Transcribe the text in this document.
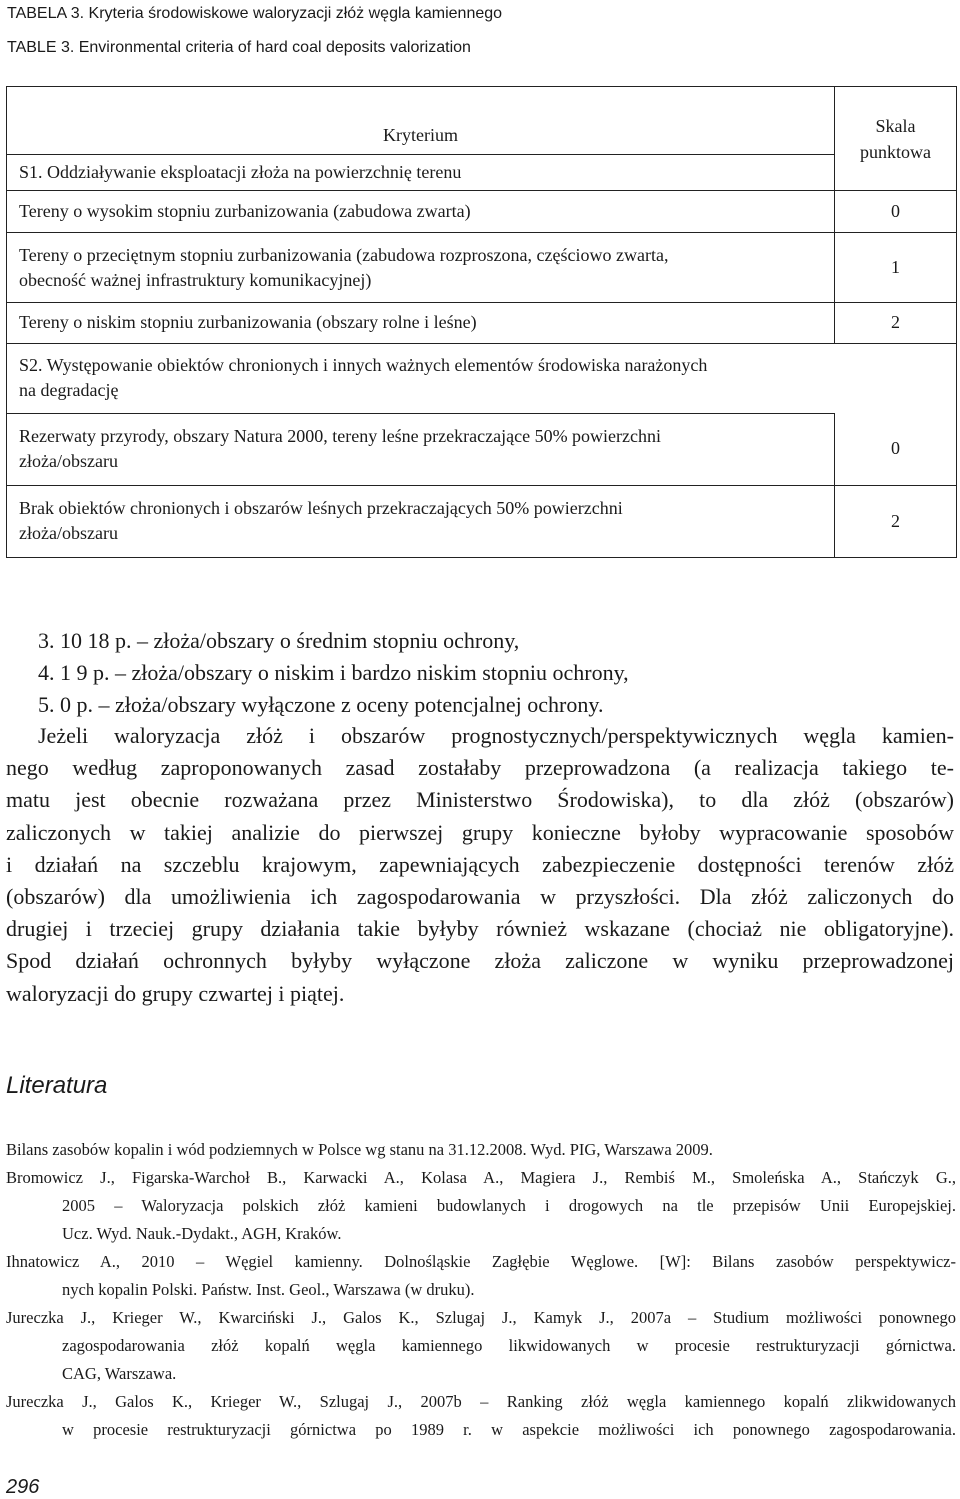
TABELA 3. Kryteria środowiskowe waloryzacji złóż węgla kamiennego
TABLE 3. Environmental criteria of hard coal deposits valorization
Kryterium	Skala
punktowa
S1. Oddziaływanie eksploatacji złoża na powierzchnię terenu	
Tereny o wysokim stopniu zurbanizowania (zabudowa zwarta)	0
Tereny o przeciętnym stopniu zurbanizowania (zabudowa rozproszona, częściowo zwarta,
obecność ważnej infrastruktury komunikacyjnej)	1
Tereny o niskim stopniu zurbanizowania (obszary rolne i leśne)	2
S2. Występowanie obiektów chronionych i innych ważnych elementów środowiska narażonych
na degradację	
Rezerwaty przyrody, obszary Natura 2000, tereny leśne przekraczające 50% powierzchni
złoża/obszaru	0
Brak obiektów chronionych i obszarów leśnych przekraczających 50% powierzchni
złoża/obszaru	2
3. 10 18 p. – złoża/obszary o średnim stopniu ochrony,
4. 1 9 p. – złoża/obszary o niskim i bardzo niskim stopniu ochrony,
5. 0 p. – złoża/obszary wyłączone z oceny potencjalnej ochrony.
Jeżeli waloryzacja złóż i obszarów prognostycznych/perspektywicznych węgla kamien-
nego według zaproponowanych zasad zostałaby przeprowadzona (a realizacja takiego te-
matu jest obecnie rozważana przez Ministerstwo Środowiska), to dla złóż (obszarów)
zaliczonych w takiej analizie do pierwszej grupy konieczne byłoby wypracowanie sposobów
i działań na szczeblu krajowym, zapewniających zabezpieczenie dostępności terenów złóż
(obszarów) dla umożliwienia ich zagospodarowania w przyszłości. Dla złóż zaliczonych do
drugiej i trzeciej grupy działania takie byłyby również wskazane (chociaż nie obligatoryjne).
Spod działań ochronnych byłyby wyłączone złoża zaliczone w wyniku przeprowadzonej
waloryzacji do grupy czwartej i piątej.
Literatura
Bilans zasobów kopalin i wód podziemnych w Polsce wg stanu na 31.12.2008. Wyd. PIG, Warszawa 2009.
Bromowicz J., Figarska-Warchoł B., Karwacki A., Kolasa A., Magiera J., Rembiś M., Smoleńska A., Stańczyk G.,
2005 – Waloryzacja polskich złóż kamieni budowlanych i drogowych na tle przepisów Unii Europejskiej.
Ucz. Wyd. Nauk.-Dydakt., AGH, Kraków.
Ihnatowicz A., 2010 – Węgiel kamienny. Dolnośląskie Zagłębie Węglowe. [W]: Bilans zasobów perspektywicz-
nych kopalin Polski. Państw. Inst. Geol., Warszawa (w druku).
Jureczka J., Krieger W., Kwarciński J., Galos K., Szlugaj J., Kamyk J., 2007a – Studium możliwości ponownego
zagospodarowania złóż kopalń węgla kamiennego likwidowanych w procesie restrukturyzacji górnictwa.
CAG, Warszawa.
Jureczka J., Galos K., Krieger W., Szlugaj J., 2007b – Ranking złóż węgla kamiennego kopalń zlikwidowanych
w procesie restrukturyzacji górnictwa po 1989 r. w aspekcie możliwości ich ponownego zagospodarowania.
296
